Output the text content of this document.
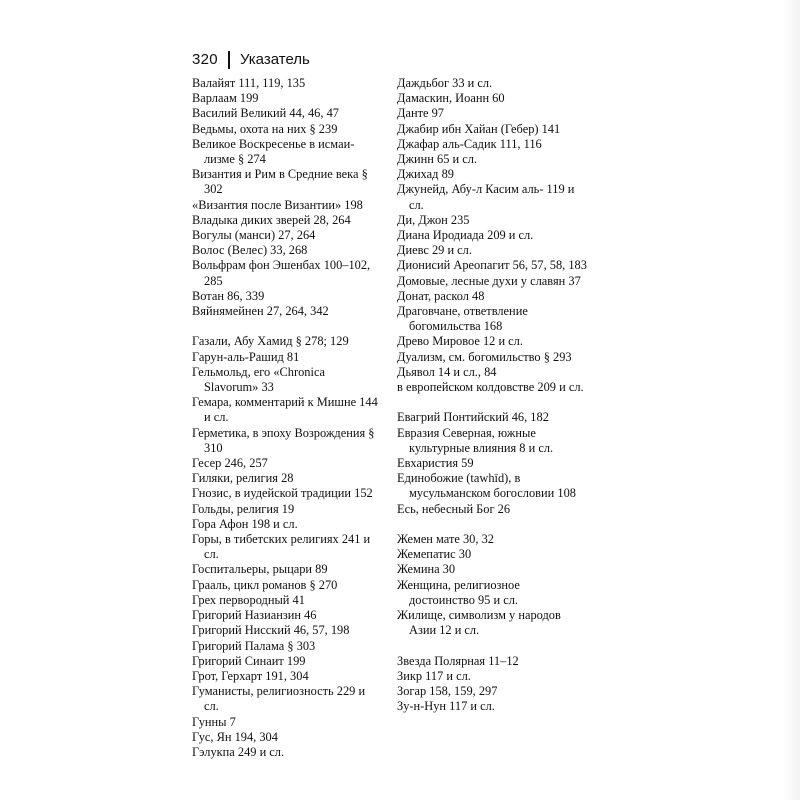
320 Указатель
Валайят 111, 119, 135
Варлаам 199
Василий Великий 44, 46, 47
Ведьмы, охота на них § 239
Великое Воскресенье в исмаи-лизме § 274
Византия и Рим в Средние века § 302
«Византия после Византии» 198
Владыка диких зверей 28, 264
Вогулы (манси) 27, 264
Волос (Велес) 33, 268
Вольфрам фон Эшенбах 100–102, 285
Вотан 86, 339
Вяйнямейнен 27, 264, 342
Газали, Абу Хамид § 278; 129
Гарун-аль-Рашид 81
Гельмольд, его «Chronica Slavorum» 33
Гемара, комментарий к Мишне 144 и сл.
Герметика, в эпоху Возрождения § 310
Гесер 246, 257
Гиляки, религия 28
Гнозис, в иудейской традиции 152
Гольды, религия 19
Гора Афон 198 и сл.
Горы, в тибетских религиях 241 и сл.
Госпитальеры, рыцари 89
Грааль, цикл романов § 270
Грех первородный 41
Григорий Назианзин 46
Григорий Нисский 46, 57, 198
Григорий Палама § 303
Григорий Синаит 199
Грот, Герхарт 191, 304
Гуманисты, религиозность 229 и сл.
Гунны 7
Гус, Ян 194, 304
Гэлукпа 249 и сл.
Даждьбог 33 и сл.
Дамаскин, Иоанн 60
Данте 97
Джабир ибн Хайан (Гебер) 141
Джафар аль-Садик 111, 116
Джинн 65 и сл.
Джихад 89
Джунейд, Абу-л Касим аль- 119 и сл.
Ди, Джон 235
Диана Иродиада 209 и сл.
Диевс 29 и сл.
Дионисий Ареопагит 56, 57, 58, 183
Домовые, лесные духи у славян 37
Донат, раскол 48
Драговчане, ответвление богомильства 168
Древо Мировое 12 и сл.
Дуализм, см. богомильство § 293
Дьявол 14 и сл., 84
в европейском колдовстве 209 и сл.
Евагрий Понтийский 46, 182
Евразия Северная, южные культурные влияния 8 и сл.
Евхаристия 59
Единобожие (tawhīd), в мусульманском богословии 108
Есь, небесный Бог 26
Жемен мате 30, 32
Жемепатис 30
Жемина 30
Женщина, религиозное достоинство 95 и сл.
Жилище, символизм у народов Азии 12 и сл.
Звезда Полярная 11–12
Зикр 117 и сл.
Зогар 158, 159, 297
Зу-н-Нун 117 и сл.
